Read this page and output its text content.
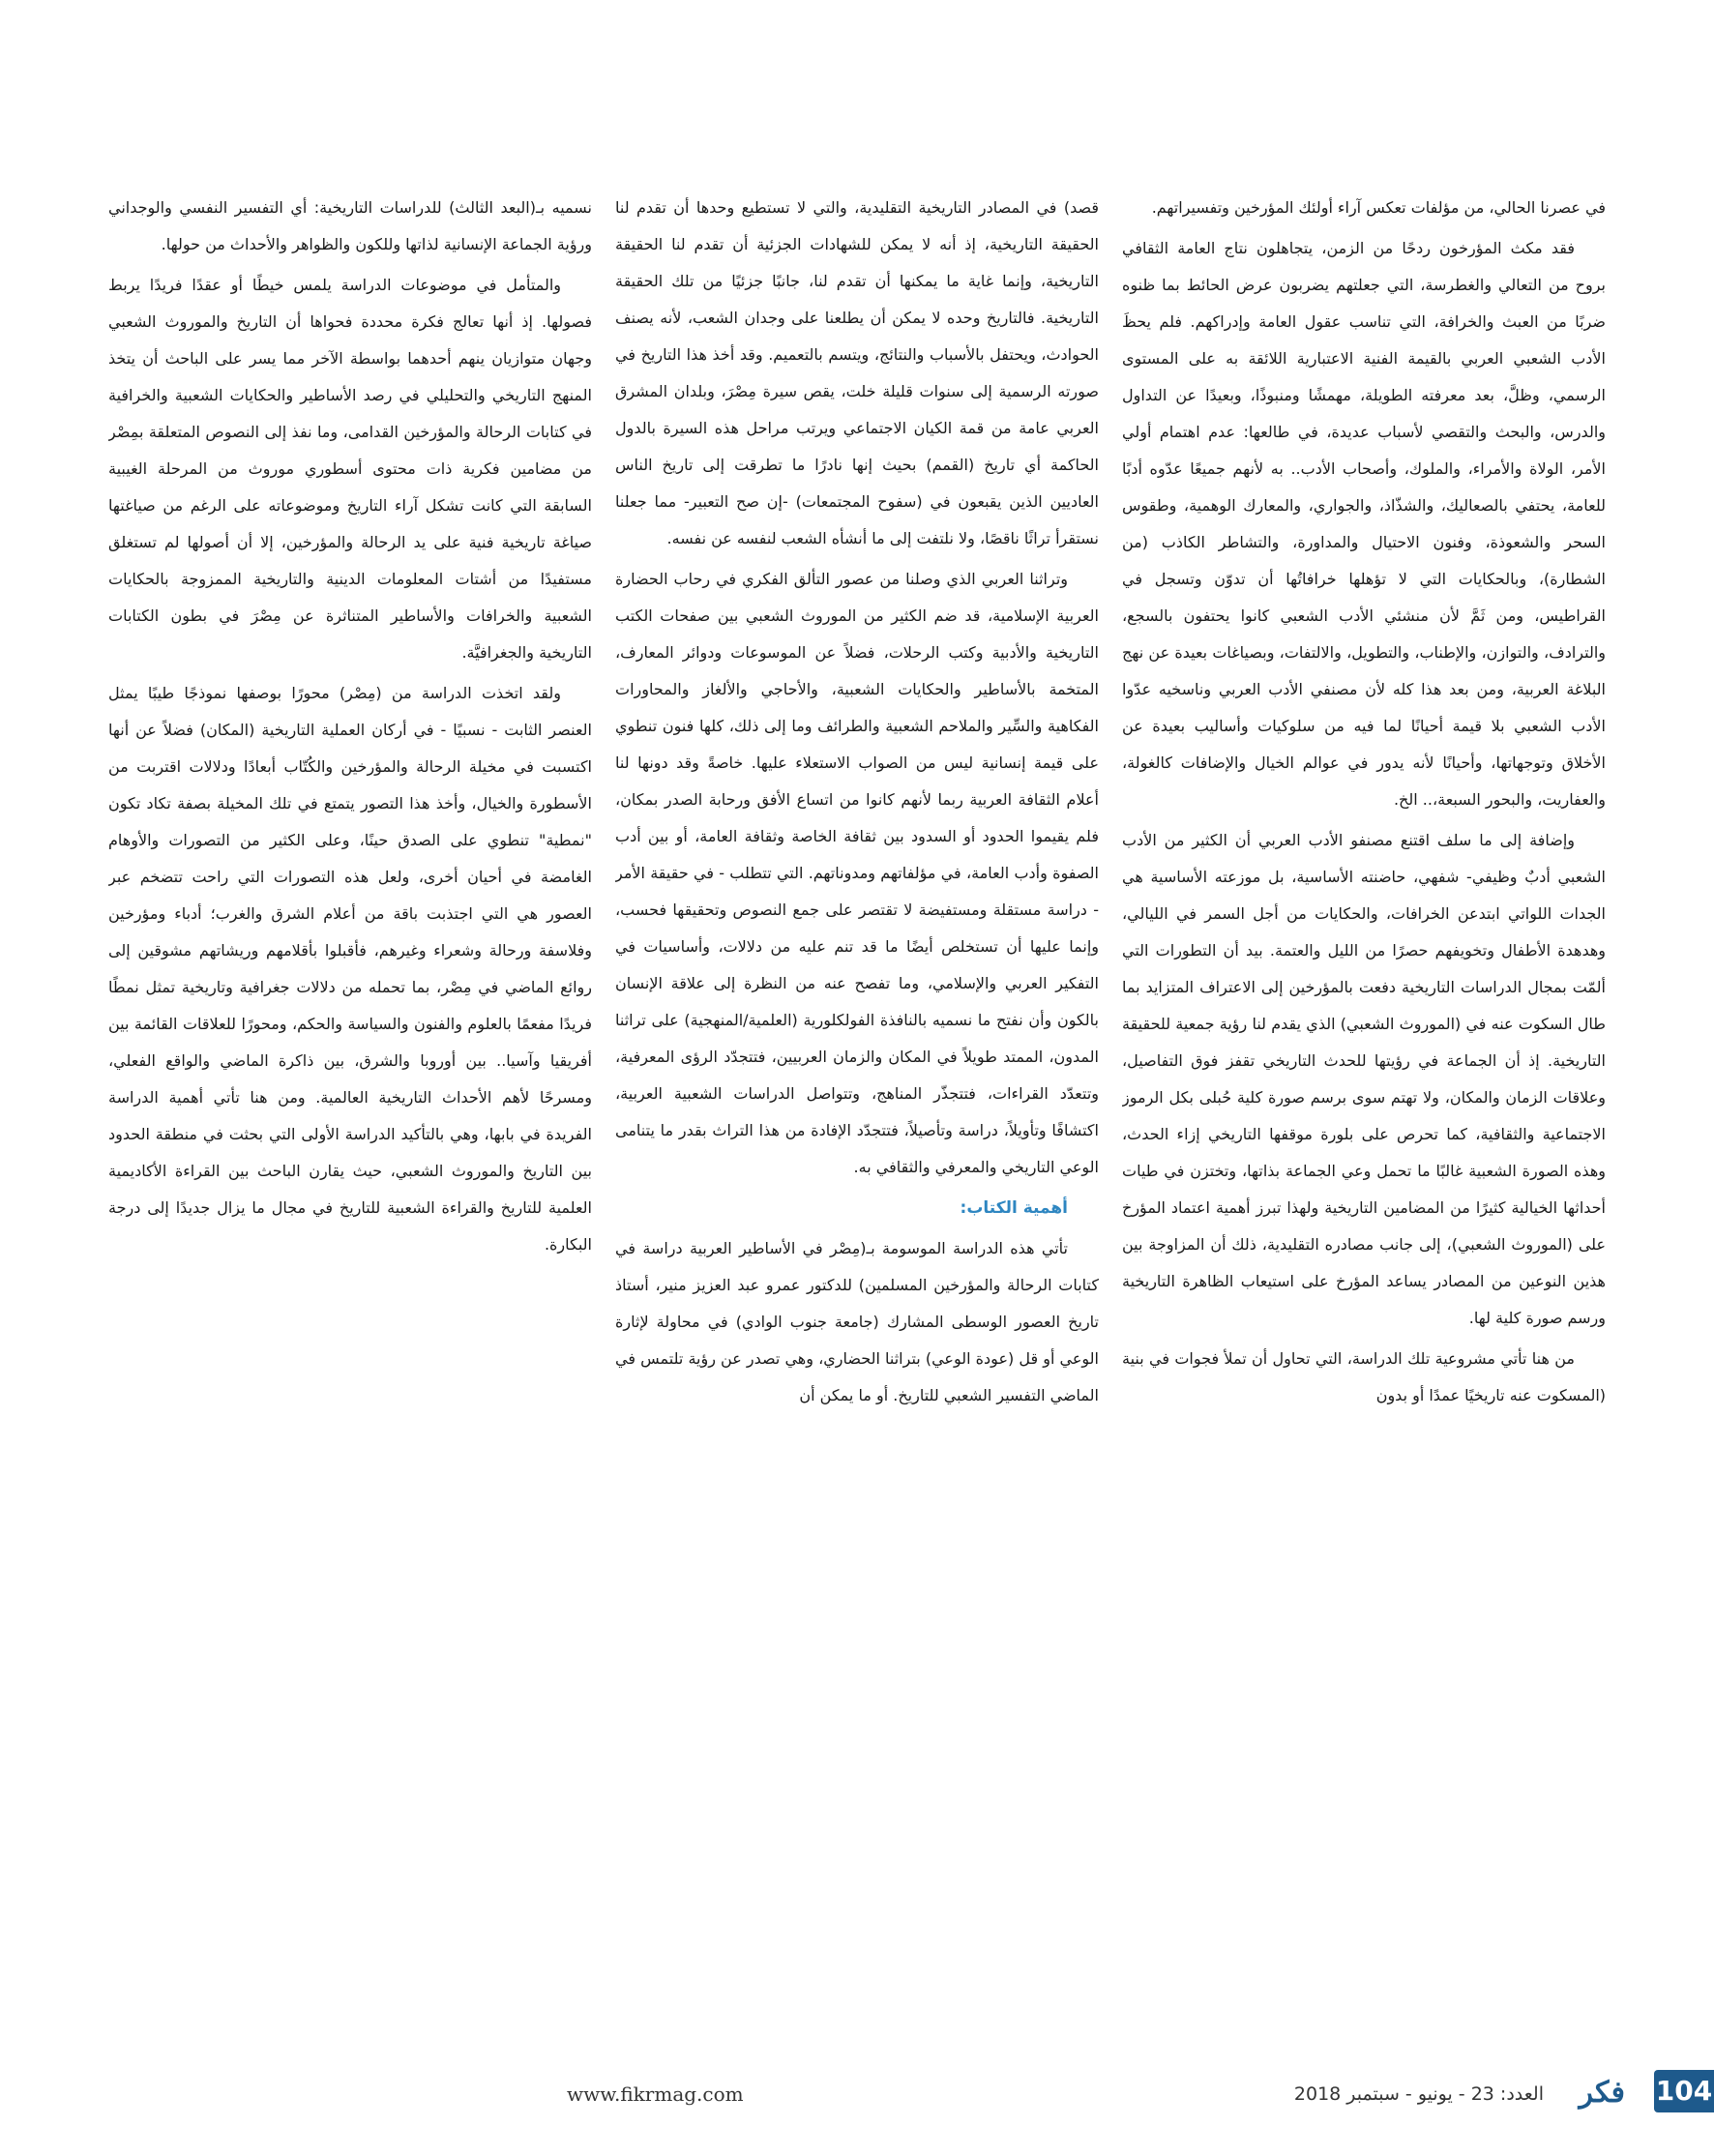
في عصرنا الحالي، من مؤلفات تعكس آراء أولئك المؤرخين وتفسيراتهم.

فقد مكث المؤرخون ردحًا من الزمن، يتجاهلون نتاج العامة الثقافي بروح من التعالي والغطرسة، التي جعلتهم يضربون عرض الحائط بما ظنوه ضربًا من العبث والخرافة، التي تناسب عقول العامة وإدراكهم. فلم يحظَ الأدب الشعبي العربي بالقيمة الفنية الاعتبارية اللائقة به على المستوى الرسمي، وظلَّ، بعد معرفته الطويلة، مهمشًا ومنبوذًا، وبعيدًا عن التداول والدرس، والبحث والتقصي لأسباب عديدة، في طالعها: عدم اهتمام أولي الأمر، الولاة والأمراء، والملوك، وأصحاب الأدب.. به لأنهم جميعًا عدّوه أدبًا للعامة، يحتفي بالصعاليك، والشذّاذ، والجواري، والمعارك الوهمية، وطقوس السحر والشعوذة، وفنون الاحتيال والمداورة، والتشاطر الكاذب (من الشطارة)، وبالحكايات التي لا تؤهلها خرافاتُها أن تدوّن وتسجل في القراطيس، ومن ثَمَّ لأن منشئي الأدب الشعبي كانوا يحتفون بالسجع، والترادف، والتوازن، والإطناب، والتطويل، والالتفات، وبصياغات بعيدة عن نهج البلاغة العربية، ومن بعد هذا كله لأن مصنفي الأدب العربي وناسخيه عدّوا الأدب الشعبي بلا قيمة أحيانًا لما فيه من سلوكيات وأساليب بعيدة عن الأخلاق وتوجهاتها، وأحيانًا لأنه يدور في عوالم الخيال والإضافات كالغولة، والعفاريت، والبحور السبعة،.. الخ.

وإضافة إلى ما سلف اقتنع مصنفو الأدب العربي أن الكثير من الأدب الشعبي أدبٌ وظيفي- شفهي، حاضنته الأساسية، بل موزعته الأساسية هي الجدات اللواتي ابتدعن الخرافات، والحكايات من أجل السمر في الليالي، وهدهدة الأطفال وتخويفهم حصرًا من الليل والعتمة. بيد أن التطورات التي ألمّت بمجال الدراسات التاريخية دفعت بالمؤرخين إلى الاعتراف المتزايد بما طال السكوت عنه في (الموروث الشعبي) الذي يقدم لنا رؤية جمعية للحقيقة التاريخية. إذ أن الجماعة في رؤيتها للحدث التاريخي تقفز فوق التفاصيل، وعلاقات الزمان والمكان، ولا تهتم سوى برسم صورة كلية حُبلى بكل الرموز الاجتماعية والثقافية، كما تحرص على بلورة موقفها التاريخي إزاء الحدث، وهذه الصورة الشعبية غالبًا ما تحمل وعي الجماعة بذاتها، وتختزن في طيات أحداثها الخيالية كثيرًا من المضامين التاريخية ولهذا تبرز أهمية اعتماد المؤرخ على (الموروث الشعبي)، إلى جانب مصادره التقليدية، ذلك أن المزاوجة بين هذين النوعين من المصادر يساعد المؤرخ على استيعاب الظاهرة التاريخية ورسم صورة كلية لها.

من هنا تأتي مشروعية تلك الدراسة، التي تحاول أن تملأ فجوات في بنية (المسكوت عنه تاريخيًا عمدًا أو بدون

قصد) في المصادر التاريخية التقليدية، والتي لا تستطيع وحدها أن تقدم لنا الحقيقة التاريخية، إذ أنه لا يمكن للشهادات الجزئية أن تقدم لنا الحقيقة التاريخية، وإنما غاية ما يمكنها أن تقدم لنا، جانبًا جزئيًا من تلك الحقيقة التاريخية. فالتاريخ وحده لا يمكن أن يطلعنا على وجدان الشعب، لأنه يصنف الحوادث، ويحتفل بالأسباب والنتائج، ويتسم بالتعميم. وقد أخذ هذا التاريخ في صورته الرسمية إلى سنوات قليلة خلت، يقص سيرة مِصْرَ، وبلدان المشرق العربي عامة من قمة الكيان الاجتماعي ويرتب مراحل هذه السيرة بالدول الحاكمة أي تاريخ (القمم) بحيث إنها نادرًا ما تطرقت إلى تاريخ الناس العاديين الذين يقبعون في (سفوح المجتمعات) -إن صح التعبير- مما جعلنا نستقرأ تراثًا ناقصًا، ولا نلتفت إلى ما أنشأه الشعب لنفسه عن نفسه.

وتراثنا العربي الذي وصلنا من عصور التألق الفكري في رحاب الحضارة العربية الإسلامية، قد ضم الكثير من الموروث الشعبي بين صفحات الكتب التاريخية والأدبية وكتب الرحلات، فضلاً عن الموسوعات ودوائر المعارف، المتخمة بالأساطير والحكايات الشعبية، والأحاجي والألغاز والمحاورات الفكاهية والسِّير والملاحم الشعبية والطرائف وما إلى ذلك، كلها فنون تنطوي على قيمة إنسانية ليس من الصواب الاستعلاء عليها. خاصةً وقد دونها لنا أعلام الثقافة العربية ربما لأنهم كانوا من اتساع الأفق ورحابة الصدر بمكان، فلم يقيموا الحدود أو السدود بين ثقافة الخاصة وثقافة العامة، أو بين أدب الصفوة وأدب العامة، في مؤلفاتهم ومدوناتهم. التي تتطلب - في حقيقة الأمر - دراسة مستقلة ومستفيضة لا تقتصر على جمع النصوص وتحقيقها فحسب، وإنما عليها أن تستخلص أيضًا ما قد تنم عليه من دلالات، وأساسيات في التفكير العربي والإسلامي، وما تفصح عنه من النظرة إلى علاقة الإنسان بالكون وأن نفتح ما نسميه بالنافذة الفولكلورية (العلمية/المنهجية) على تراثنا المدون، الممتد طويلاً في المكان والزمان العربيين، فتتجدّد الرؤى المعرفية، وتتعدّد القراءات، فتتجذّر المناهج، وتتواصل الدراسات الشعبية العربية، اكتشافًا وتأويلاً، دراسة وتأصيلاً، فتتجدّد الإفادة من هذا التراث بقدر ما يتنامى الوعي التاريخي والمعرفي والثقافي به.

أهمية الكتاب:

تأتي هذه الدراسة الموسومة بـ(مِصْر في الأساطير العربية دراسة في كتابات الرحالة والمؤرخين المسلمين) للدكتور عمرو عبد العزيز منير، أستاذ تاريخ العصور الوسطى المشارك (جامعة جنوب الوادي) في محاولة لإثارة الوعي أو قل (عودة الوعي) بتراثنا الحضاري، وهي تصدر عن رؤية تلتمس في الماضي التفسير الشعبي للتاريخ. أو ما يمكن أن

نسميه بـ(البعد الثالث) للدراسات التاريخية: أي التفسير النفسي والوجداني ورؤية الجماعة الإنسانية لذاتها وللكون والظواهر والأحداث من حولها.

والمتأمل في موضوعات الدراسة يلمس خيطًا أو عقدًا فريدًا يربط فصولها. إذ أنها تعالج فكرة محددة فحواها أن التاريخ والموروث الشعبي وجهان متوازيان ينهم أحدهما بواسطة الآخر مما يسر على الباحث أن يتخذ المنهج التاريخي والتحليلي في رصد الأساطير والحكايات الشعبية والخرافية في كتابات الرحالة والمؤرخين القدامى، وما نفذ إلى النصوص المتعلقة بمِصْر من مضامين فكرية ذات محتوى أسطوري موروث من المرحلة الغيبية السابقة التي كانت تشكل آراء التاريخ وموضوعاته على الرغم من صياغتها صياغة تاريخية فنية على يد الرحالة والمؤرخين، إلا أن أصولها لم تستغلق مستفيدًا من أشتات المعلومات الدينية والتاريخية الممزوجة بالحكايات الشعبية والخرافات والأساطير المتناثرة عن مِصْرَ في بطون الكتابات التاريخية والجغرافيَّة.

ولقد اتخذت الدراسة من (مِصْر) محورًا بوصفها نموذجًا طيبًا يمثل العنصر الثابت - نسبيًا - في أركان العملية التاريخية (المكان) فضلاً عن أنها اكتسبت في مخيلة الرحالة والمؤرخين والكُتّاب أبعادًا ودلالات اقتربت من الأسطورة والخيال، وأخذ هذا التصور يتمتع في تلك المخيلة بصفة تكاد تكون "نمطية" تنطوي على الصدق حينًا، وعلى الكثير من التصورات والأوهام الغامضة في أحيان أخرى، ولعل هذه التصورات التي راحت تتضخم عبر العصور هي التي اجتذبت باقة من أعلام الشرق والغرب؛ أدباء ومؤرخين وفلاسفة ورحالة وشعراء وغيرهم، فأقبلوا بأقلامهم وريشاتهم مشوقين إلى روائع الماضي في مِصْر، بما تحمله من دلالات جغرافية وتاريخية تمثل نمطًا فريدًا مفعمًا بالعلوم والفنون والسياسة والحكم، ومحورًا للعلاقات القائمة بين أفريقيا وآسيا.. بين أوروبا والشرق، بين ذاكرة الماضي والواقع الفعلي، ومسرحًا لأهم الأحداث التاريخية العالمية. ومن هنا تأتي أهمية الدراسة الفريدة في بابها، وهي بالتأكيد الدراسة الأولى التي بحثت في منطقة الحدود بين التاريخ والموروث الشعبي، حيث يقارن الباحث بين القراءة الأكاديمية العلمية للتاريخ والقراءة الشعبية للتاريخ في مجال ما يزال جديدًا إلى درجة البكارة.

104
فكر
العدد: 23 - يونيو - سبتمبر 2018
www.fikrmag.com
